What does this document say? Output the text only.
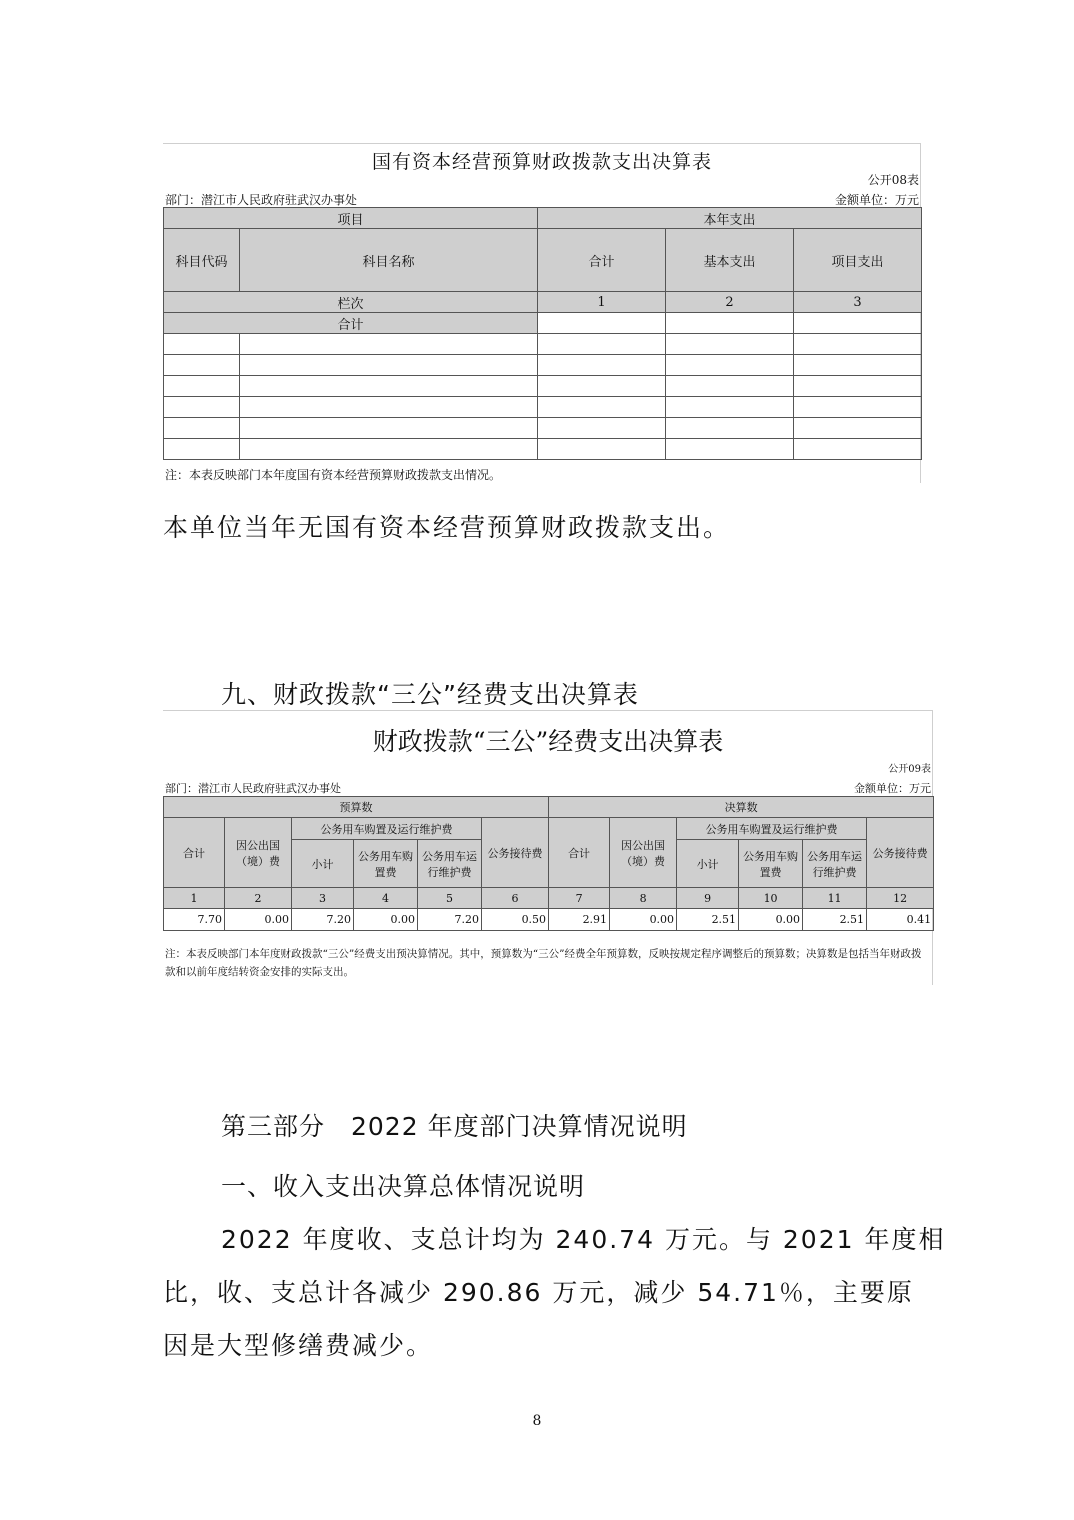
国有资本经营预算财政拨款支出决算表
公开08表
部门：潜江市人民政府驻武汉办事处	金额单位：万元
项目		本年支出		
科目代码	科目名称	合计	基本支出	项目支出
栏次		1	2	3
合计				

注：本表反映部门本年度国有资本经营预算财政拨款支出情况。
本单位当年无国有资本经营预算财政拨款支出。
九、财政拨款“三公”经费支出决算表
财政拨款“三公”经费支出决算表
公开09表
部门：潜江市人民政府驻武汉办事处	金额单位：万元
预算数						决算数					
合计	因公出国（境）费	公务用车购置及运行维护费			公务接待费	合计	因公出国（境）费	公务用车购置及运行维护费			公务接待费
		小计	公务用车购置费	公务用车运行维护费				小计	公务用车购置费	公务用车运行维护费	
1	2	3	4	5	6	7	8	9	10	11	12
7.70	0.00	7.20	0.00	7.20	0.50	2.91	0.00	2.51	0.00	2.51	0.41
注：本表反映部门本年度财政拨款“三公”经费支出预决算情况。其中，预算数为“三公”经费全年预算数，反映按规定程序调整后的预算数；决算数是包括当年财政拨款和以前年度结转资金安排的实际支出。
第三部分　2022 年度部门决算情况说明
一、收入支出决算总体情况说明
2022 年度收、支总计均为 240.74 万元。与 2021 年度相
比，收、支总计各减少 290.86 万元，减少 54.71％，主要原
因是大型修缮费减少。
8
